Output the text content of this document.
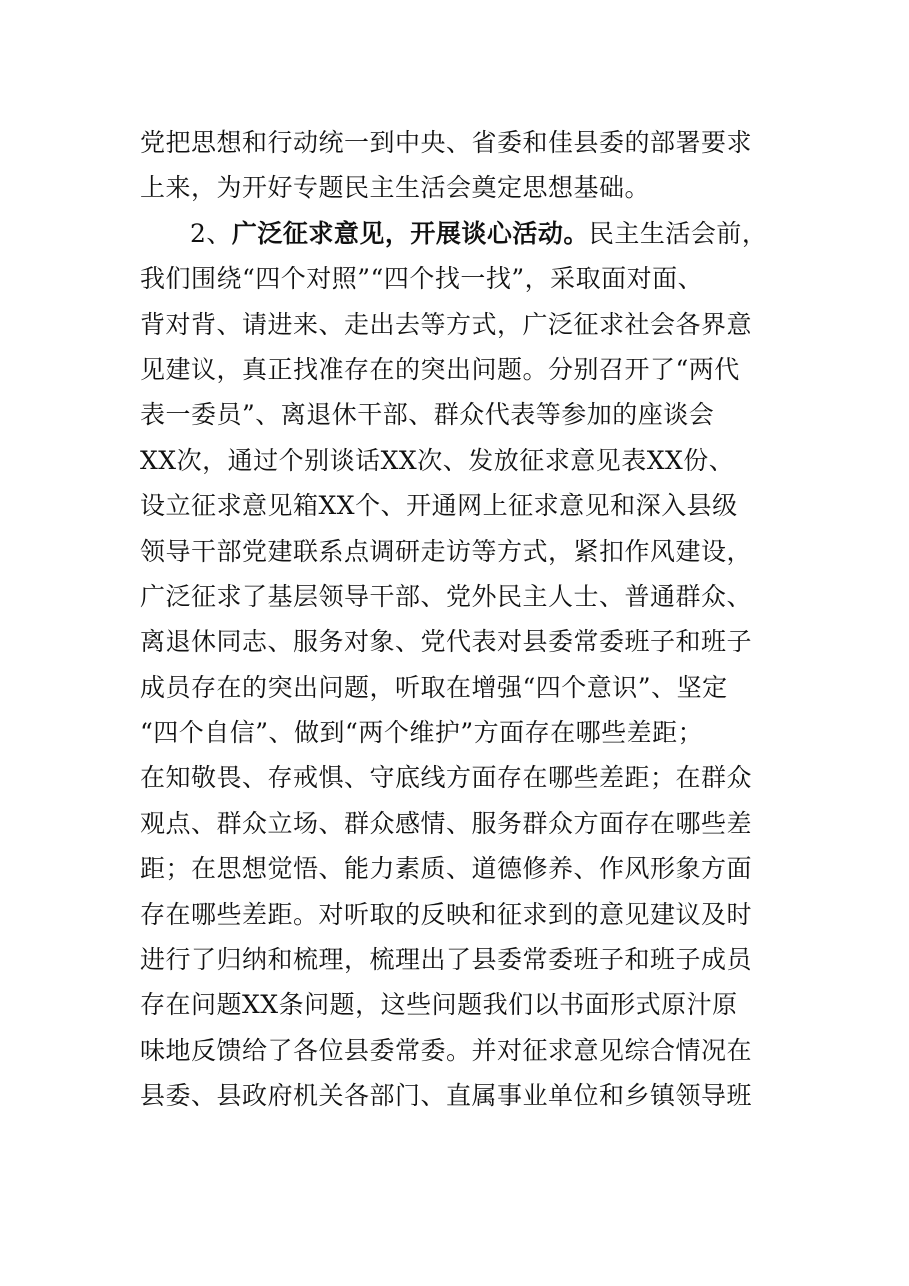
党把思想和行动统一到中央、省委和佳县委的部署要求
上来，为开好专题民主生活会奠定思想基础。
2、广泛征求意见，开展谈心活动。民主生活会前，
我们围绕“四个对照”“四个找一找”，采取面对面、
背对背、请进来、走出去等方式，广泛征求社会各界意
见建议，真正找准存在的突出问题。分别召开了“两代
表一委员”、离退休干部、群众代表等参加的座谈会
XX次，通过个别谈话XX次、发放征求意见表XX份、
设立征求意见箱XX个、开通网上征求意见和深入县级
领导干部党建联系点调研走访等方式，紧扣作风建设，
广泛征求了基层领导干部、党外民主人士、普通群众、
离退休同志、服务对象、党代表对县委常委班子和班子
成员存在的突出问题，听取在增强“四个意识”、坚定
“四个自信”、做到“两个维护”方面存在哪些差距；
在知敬畏、存戒惧、守底线方面存在哪些差距；在群众
观点、群众立场、群众感情、服务群众方面存在哪些差
距；在思想觉悟、能力素质、道德修养、作风形象方面
存在哪些差距。对听取的反映和征求到的意见建议及时
进行了归纳和梳理，梳理出了县委常委班子和班子成员
存在问题XX条问题，这些问题我们以书面形式原汁原
味地反馈给了各位县委常委。并对征求意见综合情况在
县委、县政府机关各部门、直属事业单位和乡镇领导班
